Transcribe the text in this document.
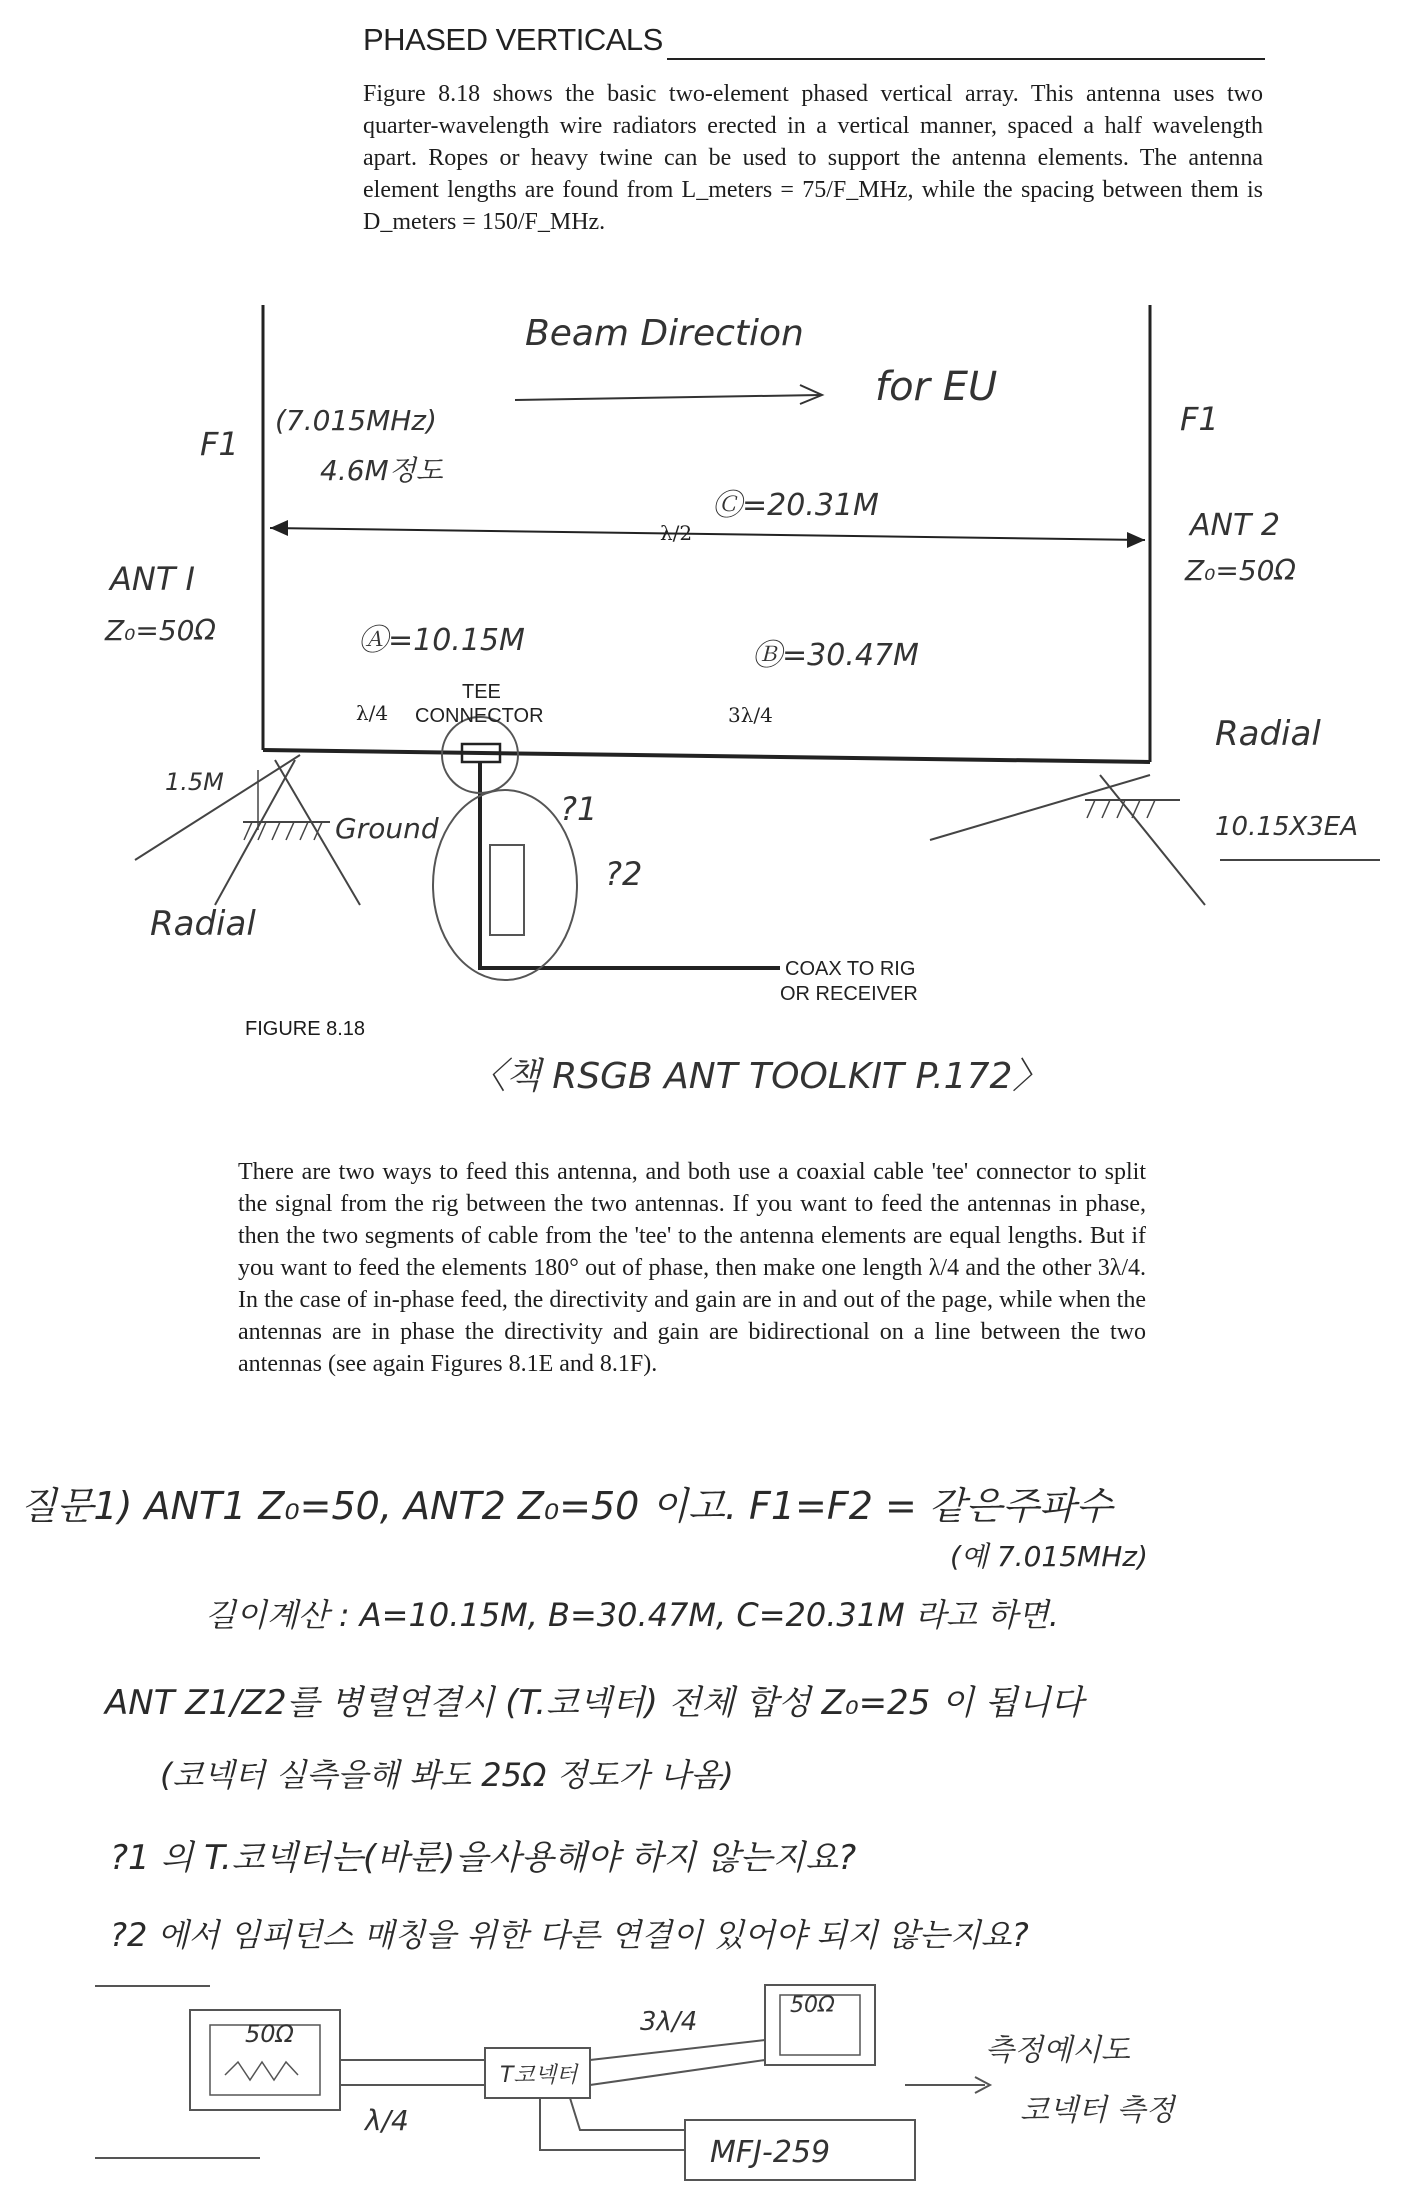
PHASED VERTICALS
Figure 8.18 shows the basic two-element phased vertical array. This antenna uses two quarter-wavelength wire radiators erected in a vertical manner, spaced a half wavelength apart. Ropes or heavy twine can be used to support the antenna elements. The antenna element lengths are found from L_meters = 75/F_MHz, while the spacing between them is D_meters = 150/F_MHz.
λ/2
λ/4	3λ/4
TEE
CONNECTOR
COAX TO RIG
OR RECEIVER
Beam Direction
for EU
F1
F1
(7.015MHz)
4.6M정도
Ⓒ=20.31M
ANT I
Z₀=50Ω
ANT 2
Z₀=50Ω
Ⓐ=10.15M	Ⓑ=30.47M
?1
?2
Radial
Radial
10.15X3EA
Ground
1.5M
〈책 RSGB ANT TOOLKIT P.172〉
FIGURE 8.18
There are two ways to feed this antenna, and both use a coaxial cable 'tee' connector to split the signal from the rig between the two antennas. If you want to feed the antennas in phase, then the two segments of cable from the 'tee' to the antenna elements are equal lengths. But if you want to feed the elements 180° out of phase, then make one length λ/4 and the other 3λ/4. In the case of in-phase feed, the directivity and gain are in and out of the page, while when the antennas are in phase the directivity and gain are bidirectional on a line between the two antennas (see again Figures 8.1E and 8.1F).
질문1) ANT1 Z₀=50, ANT2 Z₀=50 이고. F1=F2 = 같은주파수
(예 7.015MHz)
길이계산 : A=10.15M, B=30.47M, C=20.31M 라고 하면.
ANT Z1/Z2를 병렬연결시 (T.코넥터) 전체 합성 Z₀=25 이 됩니다
(코넥터 실측을해 봐도 25Ω 정도가 나옴)
?1 의 T.코넥터는(바룬)을사용해야 하지 않는지요?
?2 에서 임피던스 매칭을 위한 다른 연결이 있어야 되지 않는지요?
50Ω
50Ω
T코넥터
3λ/4
λ/4
MFJ-259
측정예시도
코넥터 측정
